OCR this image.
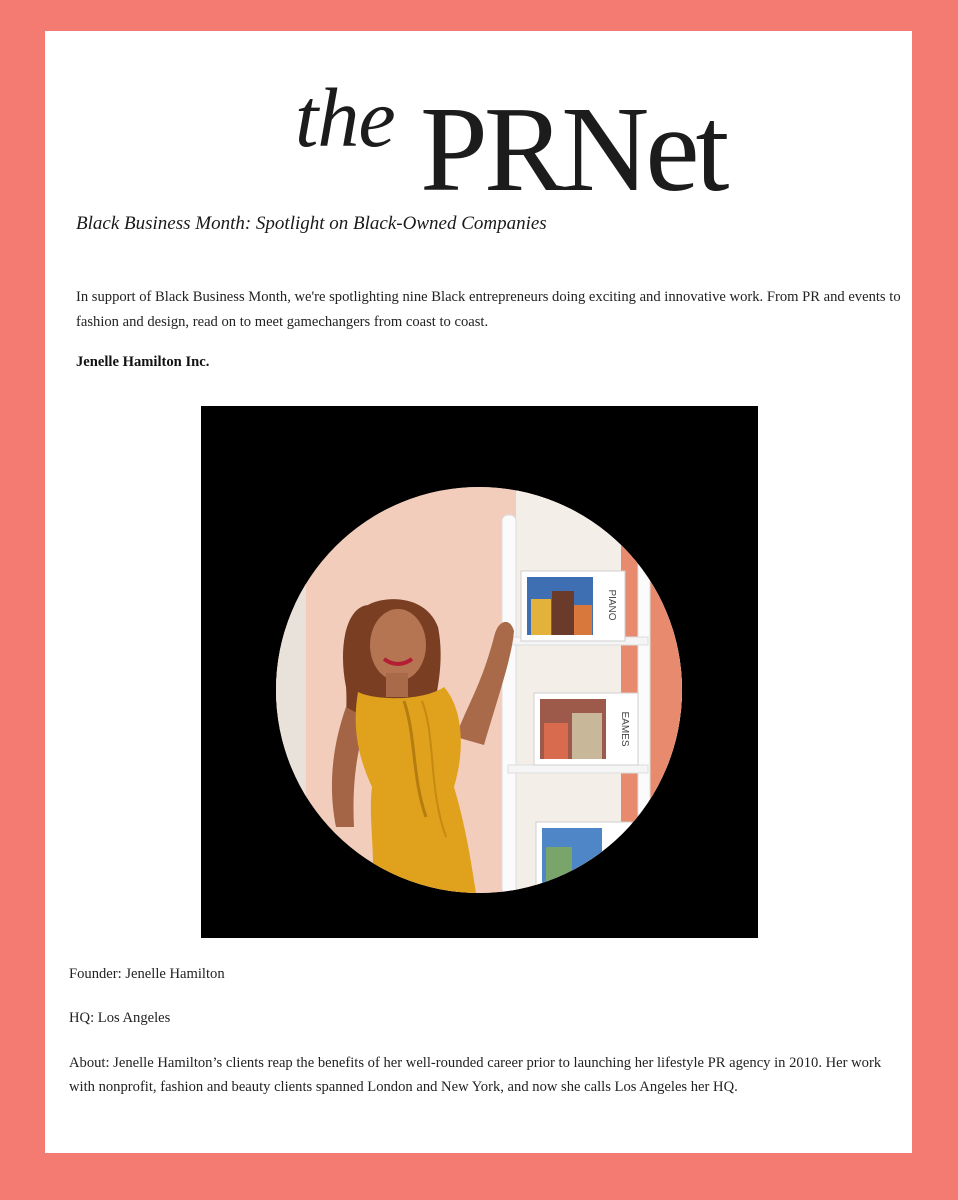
the PRNet
Black Business Month: Spotlight on Black-Owned Companies
In support of Black Business Month, we're spotlighting nine Black entrepreneurs doing exciting and innovative work. From PR and events to fashion and design, read on to meet gamechangers from coast to coast.
Jenelle Hamilton Inc.
PIANO
EAMES
Founder: Jenelle Hamilton
HQ: Los Angeles
About: Jenelle Hamilton’s clients reap the benefits of her well-rounded career prior to launching her lifestyle PR agency in 2010. Her work with nonprofit, fashion and beauty clients spanned London and New York, and now she calls Los Angeles her HQ.
